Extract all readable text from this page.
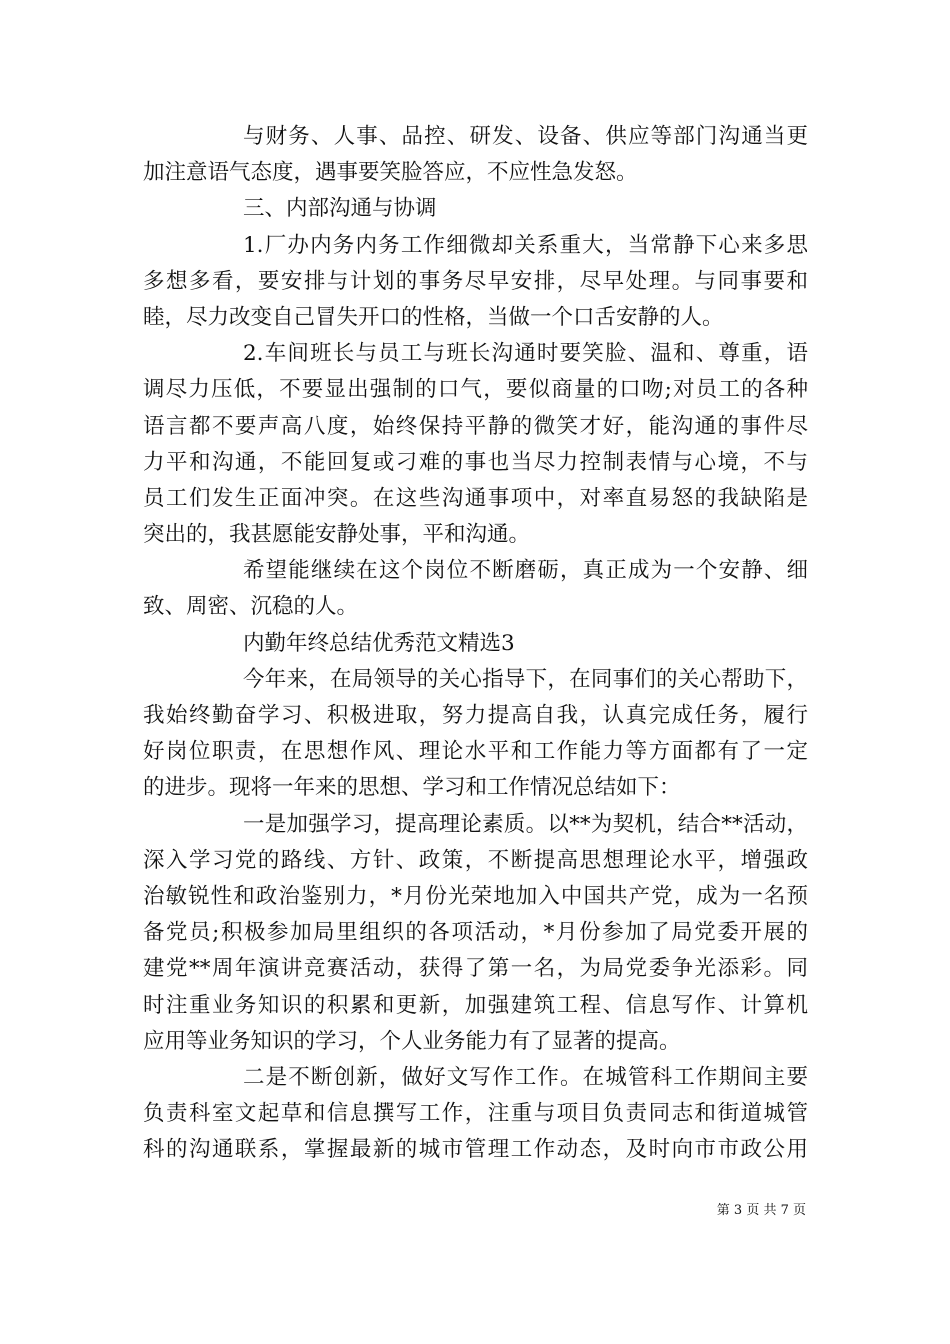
与财务、人事、品控、研发、设备、供应等部门沟通当更
加注意语气态度，遇事要笑脸答应，不应性急发怒。
三、内部沟通与协调
1.厂办内务内务工作细微却关系重大，当常静下心来多思
多想多看，要安排与计划的事务尽早安排，尽早处理。与同事要和
睦，尽力改变自己冒失开口的性格，当做一个口舌安静的人。
2.车间班长与员工与班长沟通时要笑脸、温和、尊重，语
调尽力压低，不要显出强制的口气，要似商量的口吻;对员工的各种
语言都不要声高八度，始终保持平静的微笑才好，能沟通的事件尽
力平和沟通，不能回复或刁难的事也当尽力控制表情与心境，不与
员工们发生正面冲突。在这些沟通事项中，对率直易怒的我缺陷是
突出的，我甚愿能安静处事，平和沟通。
希望能继续在这个岗位不断磨砺，真正成为一个安静、细
致、周密、沉稳的人。
内勤年终总结优秀范文精选3
今年来，在局领导的关心指导下，在同事们的关心帮助下，
我始终勤奋学习、积极进取，努力提高自我，认真完成任务，履行
好岗位职责，在思想作风、理论水平和工作能力等方面都有了一定
的进步。现将一年来的思想、学习和工作情况总结如下：
一是加强学习，提高理论素质。以**为契机，结合**活动，
深入学习党的路线、方针、政策，不断提高思想理论水平，增强政
治敏锐性和政治鉴别力，*月份光荣地加入中国共产党，成为一名预
备党员;积极参加局里组织的各项活动，*月份参加了局党委开展的
建党**周年演讲竞赛活动，获得了第一名，为局党委争光添彩。同
时注重业务知识的积累和更新，加强建筑工程、信息写作、计算机
应用等业务知识的学习，个人业务能力有了显著的提高。
二是不断创新，做好文写作工作。在城管科工作期间主要
负责科室文起草和信息撰写工作，注重与项目负责同志和街道城管
科的沟通联系，掌握最新的城市管理工作动态，及时向市市政公用
第 3 页 共 7 页
